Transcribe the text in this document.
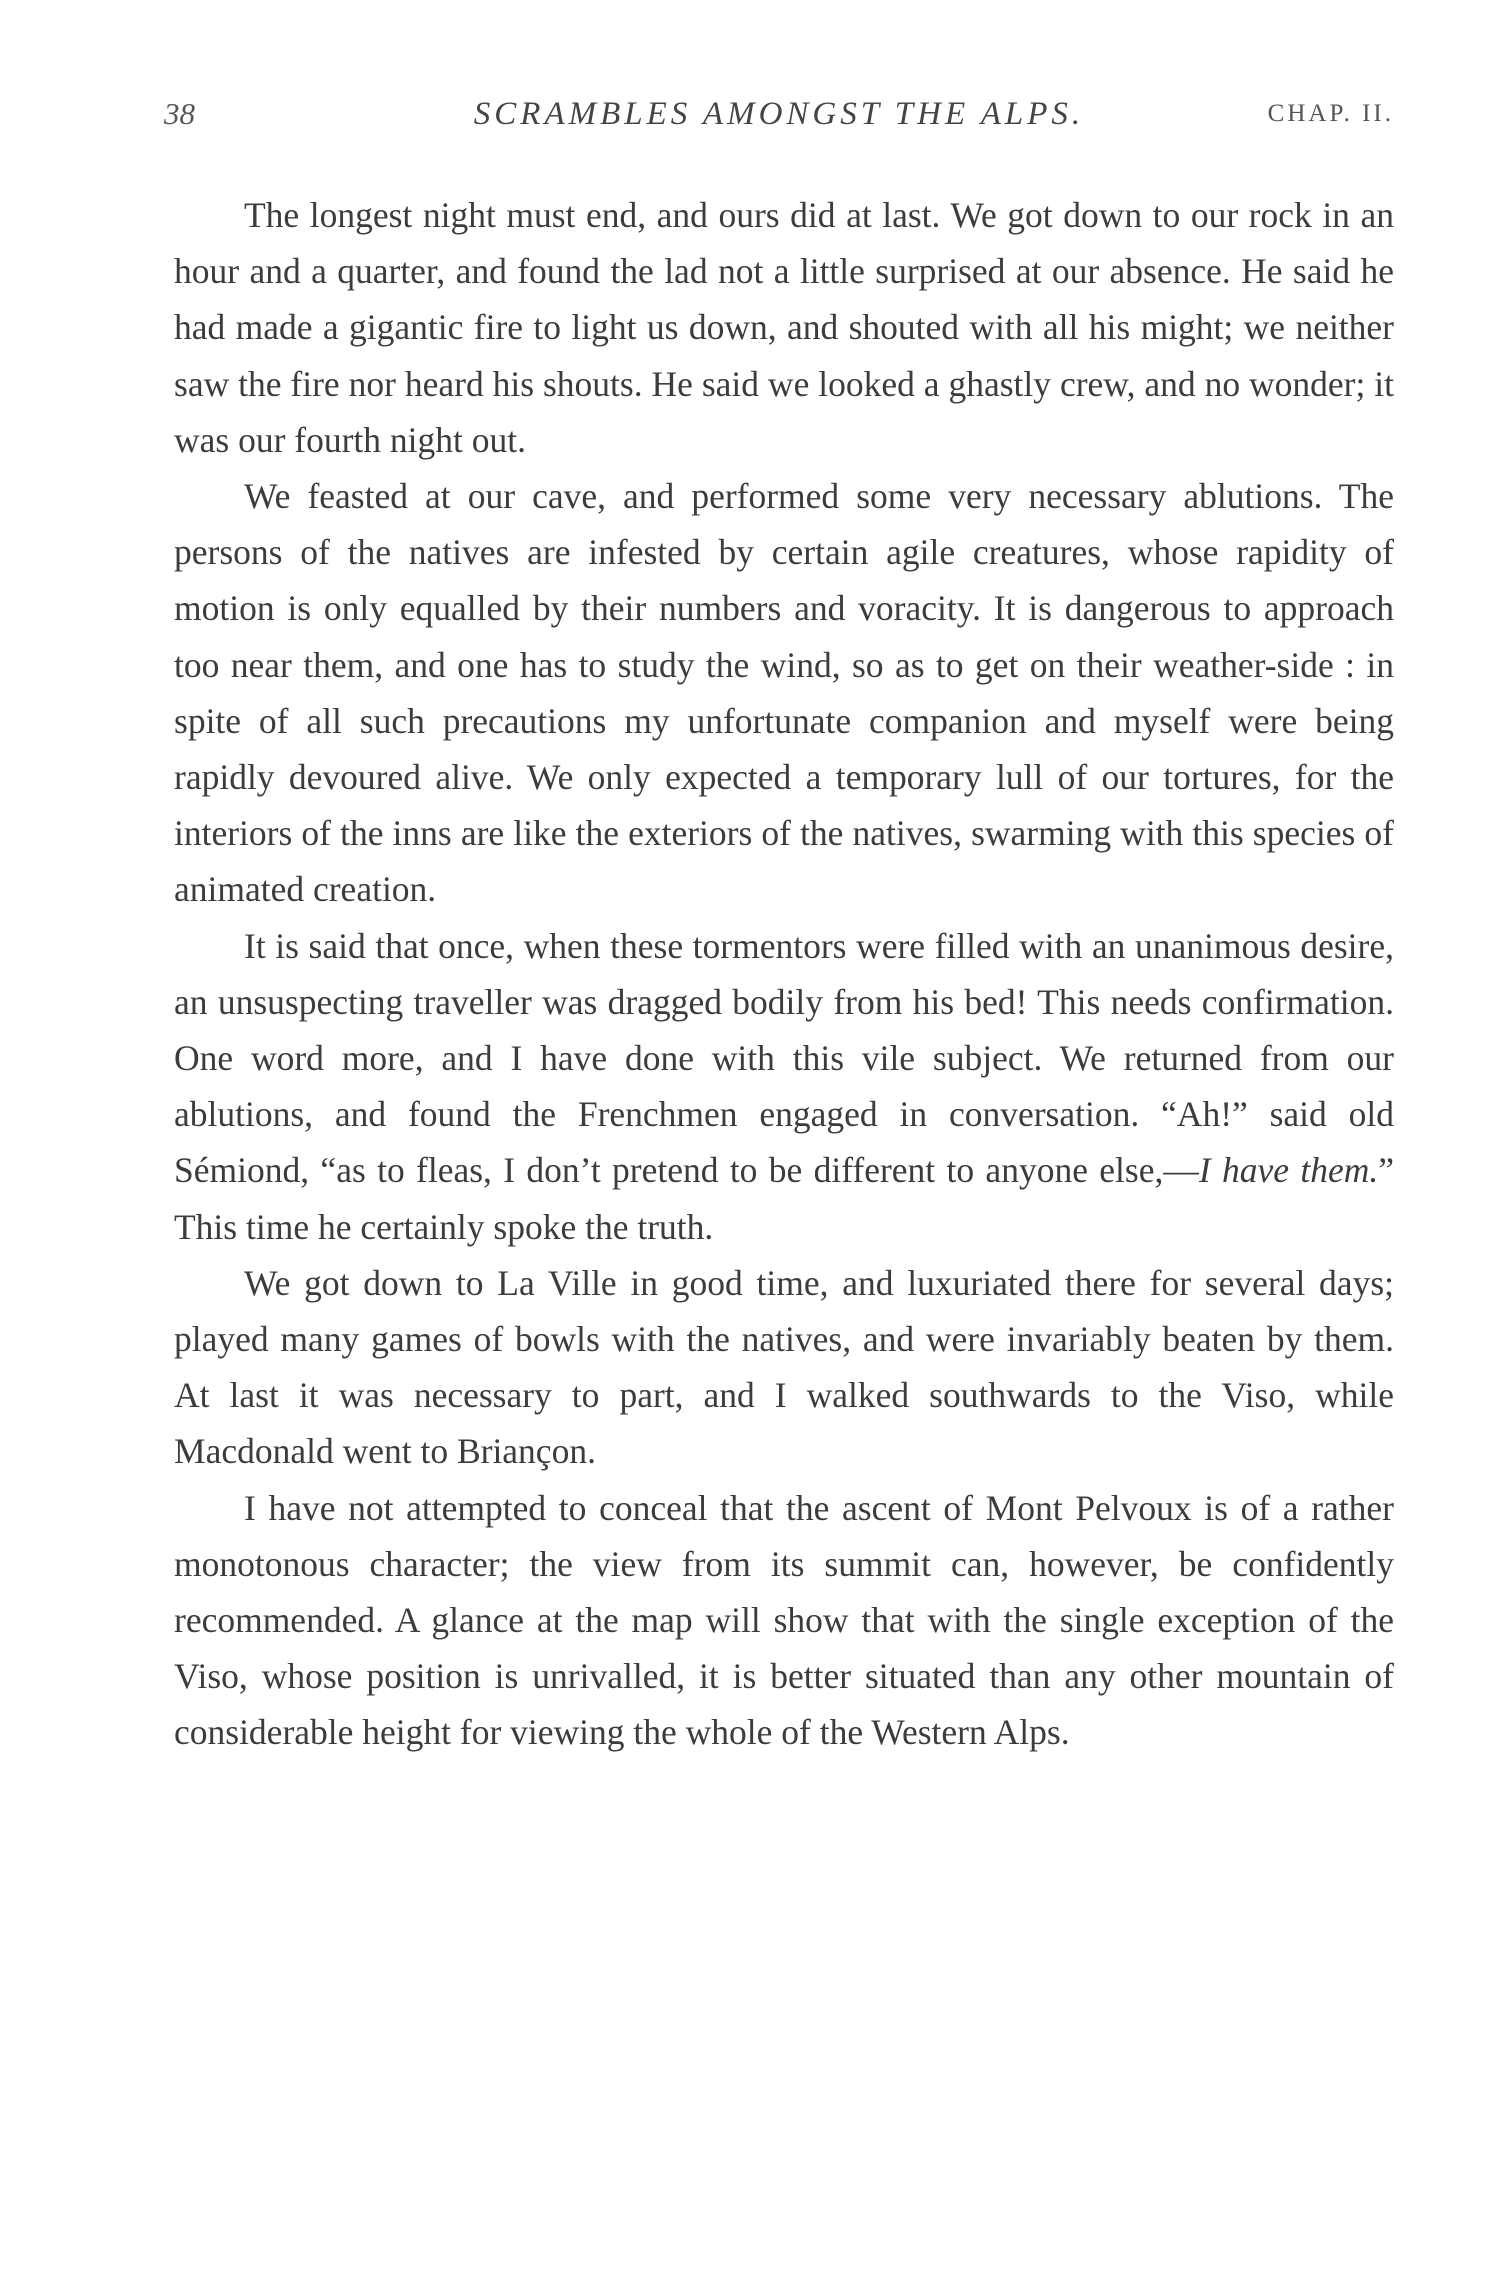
38	SCRAMBLES AMONGST THE ALPS.	CHAP. II.

The longest night must end, and ours did at last. We got down to our rock in an hour and a quarter, and found the lad not a little surprised at our absence. He said he had made a gigantic fire to light us down, and shouted with all his might; we neither saw the fire nor heard his shouts. He said we looked a ghastly crew, and no wonder; it was our fourth night out.

We feasted at our cave, and performed some very necessary ablutions. The persons of the natives are infested by certain agile creatures, whose rapidity of motion is only equalled by their numbers and voracity. It is dangerous to approach too near them, and one has to study the wind, so as to get on their weather-side : in spite of all such precautions my unfortunate companion and myself were being rapidly devoured alive. We only expected a temporary lull of our tortures, for the interiors of the inns are like the exteriors of the natives, swarming with this species of animated creation.

It is said that once, when these tormentors were filled with an unanimous desire, an unsuspecting traveller was dragged bodily from his bed! This needs confirmation. One word more, and I have done with this vile subject. We returned from our ablutions, and found the Frenchmen engaged in conversation. “Ah!” said old Sémiond, “as to fleas, I don’t pretend to be different to anyone else,—I have them.” This time he certainly spoke the truth.

We got down to La Ville in good time, and luxuriated there for several days; played many games of bowls with the natives, and were invariably beaten by them. At last it was necessary to part, and I walked southwards to the Viso, while Macdonald went to Briançon.

I have not attempted to conceal that the ascent of Mont Pelvoux is of a rather monotonous character; the view from its summit can, however, be confidently recommended. A glance at the map will show that with the single exception of the Viso, whose position is unrivalled, it is better situated than any other mountain of considerable height for viewing the whole of the Western Alps.
